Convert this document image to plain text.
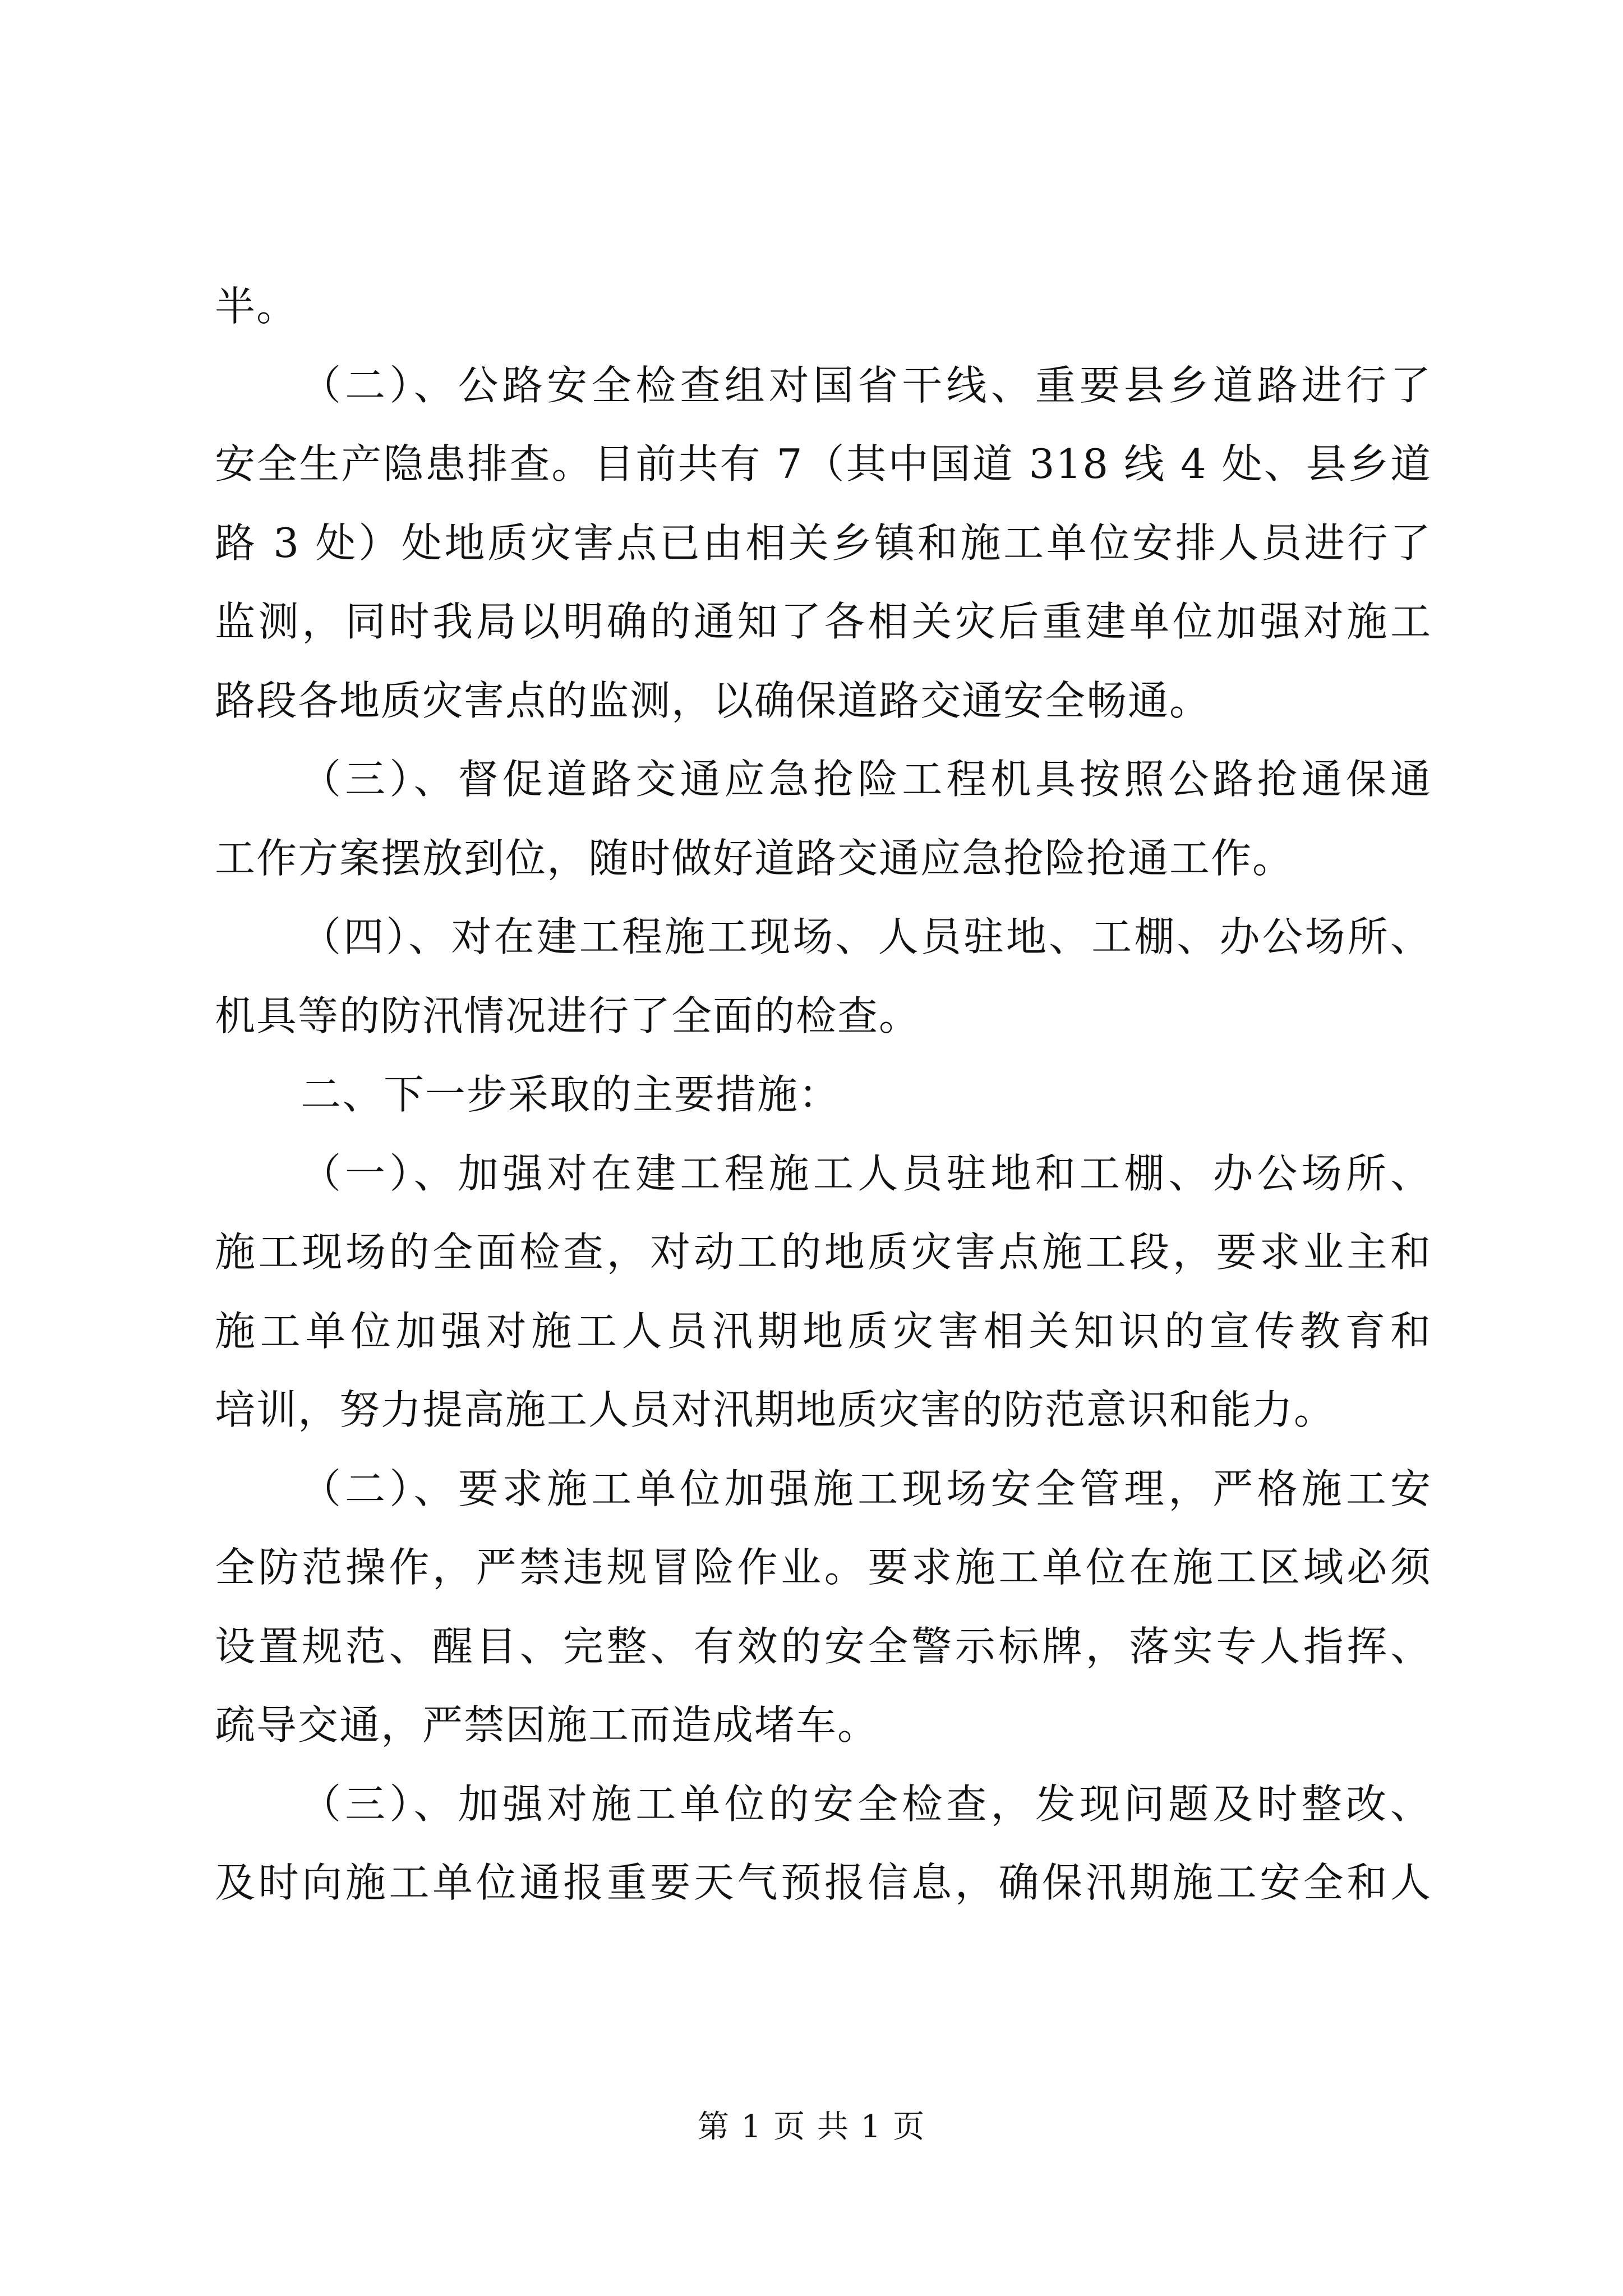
半。
（二）、公路安全检查组对国省干线、重要县乡道路进行了
安全生产隐患排查。目前共有 7（其中国道 318 线 4 处、县乡道
路 3 处）处地质灾害点已由相关乡镇和施工单位安排人员进行了
监测，同时我局以明确的通知了各相关灾后重建单位加强对施工
路段各地质灾害点的监测，以确保道路交通安全畅通。
（三）、督促道路交通应急抢险工程机具按照公路抢通保通
工作方案摆放到位，随时做好道路交通应急抢险抢通工作。
（四）、对在建工程施工现场、人员驻地、工棚、办公场所、
机具等的防汛情况进行了全面的检查。
二、下一步采取的主要措施：
（一）、加强对在建工程施工人员驻地和工棚、办公场所、
施工现场的全面检查，对动工的地质灾害点施工段，要求业主和
施工单位加强对施工人员汛期地质灾害相关知识的宣传教育和
培训，努力提高施工人员对汛期地质灾害的防范意识和能力。
（二）、要求施工单位加强施工现场安全管理，严格施工安
全防范操作，严禁违规冒险作业。要求施工单位在施工区域必须
设置规范、醒目、完整、有效的安全警示标牌，落实专人指挥、
疏导交通，严禁因施工而造成堵车。
（三）、加强对施工单位的安全检查，发现问题及时整改、
及时向施工单位通报重要天气预报信息，确保汛期施工安全和人
第 1 页 共 1 页
